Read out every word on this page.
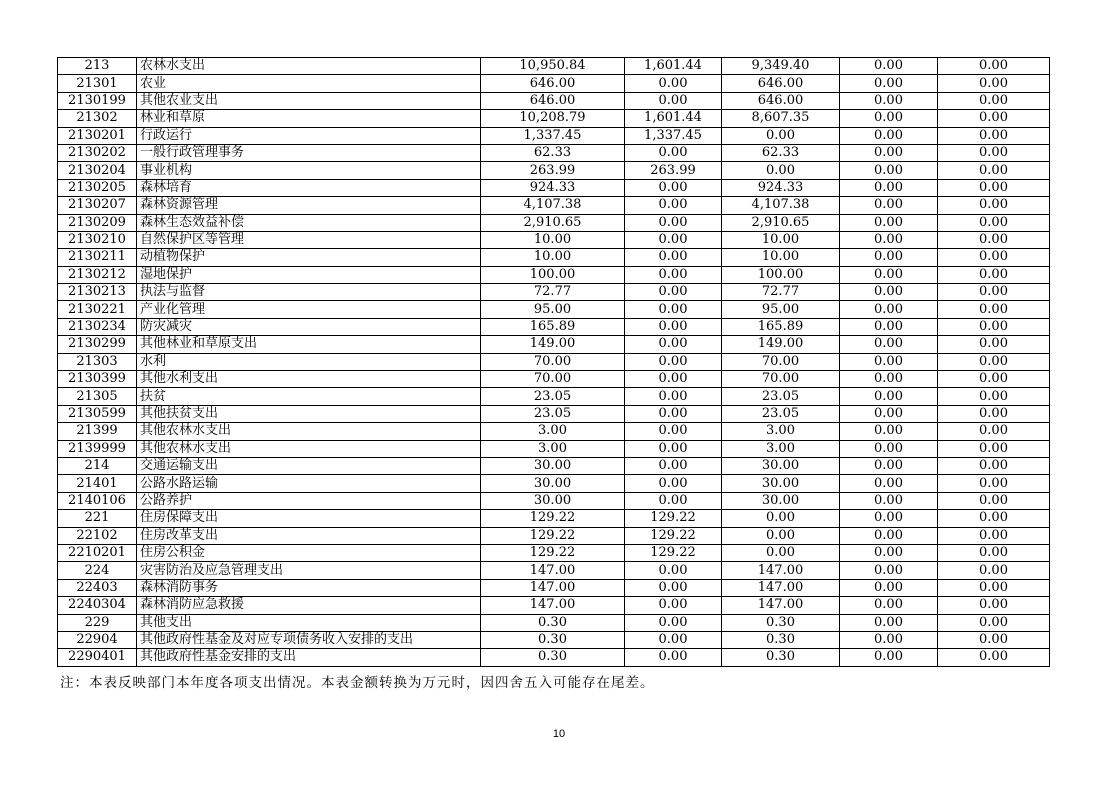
213	农林水支出	10,950.84	1,601.44	9,349.40	0.00	0.00	
21301	农业	646.00	0.00	646.00	0.00	0.00	
2130199	其他农业支出	646.00	0.00	646.00	0.00	0.00	
21302	林业和草原	10,208.79	1,601.44	8,607.35	0.00	0.00	
2130201	行政运行	1,337.45	1,337.45	0.00	0.00	0.00	
2130202	一般行政管理事务	62.33	0.00	62.33	0.00	0.00	
2130204	事业机构	263.99	263.99	0.00	0.00	0.00	
2130205	森林培育	924.33	0.00	924.33	0.00	0.00	
2130207	森林资源管理	4,107.38	0.00	4,107.38	0.00	0.00	
2130209	森林生态效益补偿	2,910.65	0.00	2,910.65	0.00	0.00	
2130210	自然保护区等管理	10.00	0.00	10.00	0.00	0.00	
2130211	动植物保护	10.00	0.00	10.00	0.00	0.00	
2130212	湿地保护	100.00	0.00	100.00	0.00	0.00	
2130213	执法与监督	72.77	0.00	72.77	0.00	0.00	
2130221	产业化管理	95.00	0.00	95.00	0.00	0.00	
2130234	防灾减灾	165.89	0.00	165.89	0.00	0.00	
2130299	其他林业和草原支出	149.00	0.00	149.00	0.00	0.00	
21303	水利	70.00	0.00	70.00	0.00	0.00	
2130399	其他水利支出	70.00	0.00	70.00	0.00	0.00	
21305	扶贫	23.05	0.00	23.05	0.00	0.00	
2130599	其他扶贫支出	23.05	0.00	23.05	0.00	0.00	
21399	其他农林水支出	3.00	0.00	3.00	0.00	0.00	
2139999	其他农林水支出	3.00	0.00	3.00	0.00	0.00	
214	交通运输支出	30.00	0.00	30.00	0.00	0.00	
21401	公路水路运输	30.00	0.00	30.00	0.00	0.00	
2140106	公路养护	30.00	0.00	30.00	0.00	0.00	
221	住房保障支出	129.22	129.22	0.00	0.00	0.00	
22102	住房改革支出	129.22	129.22	0.00	0.00	0.00	
2210201	住房公积金	129.22	129.22	0.00	0.00	0.00	
224	灾害防治及应急管理支出	147.00	0.00	147.00	0.00	0.00	
22403	森林消防事务	147.00	0.00	147.00	0.00	0.00	
2240304	森林消防应急救援	147.00	0.00	147.00	0.00	0.00	
229	其他支出	0.30	0.00	0.30	0.00	0.00	
22904	其他政府性基金及对应专项债务收入安排的支出	0.30	0.00	0.30	0.00	0.00	
2290401	其他政府性基金安排的支出	0.30	0.00	0.30	0.00	0.00	
注：本表反映部门本年度各项支出情况。本表金额转换为万元时，因四舍五入可能存在尾差。
10
